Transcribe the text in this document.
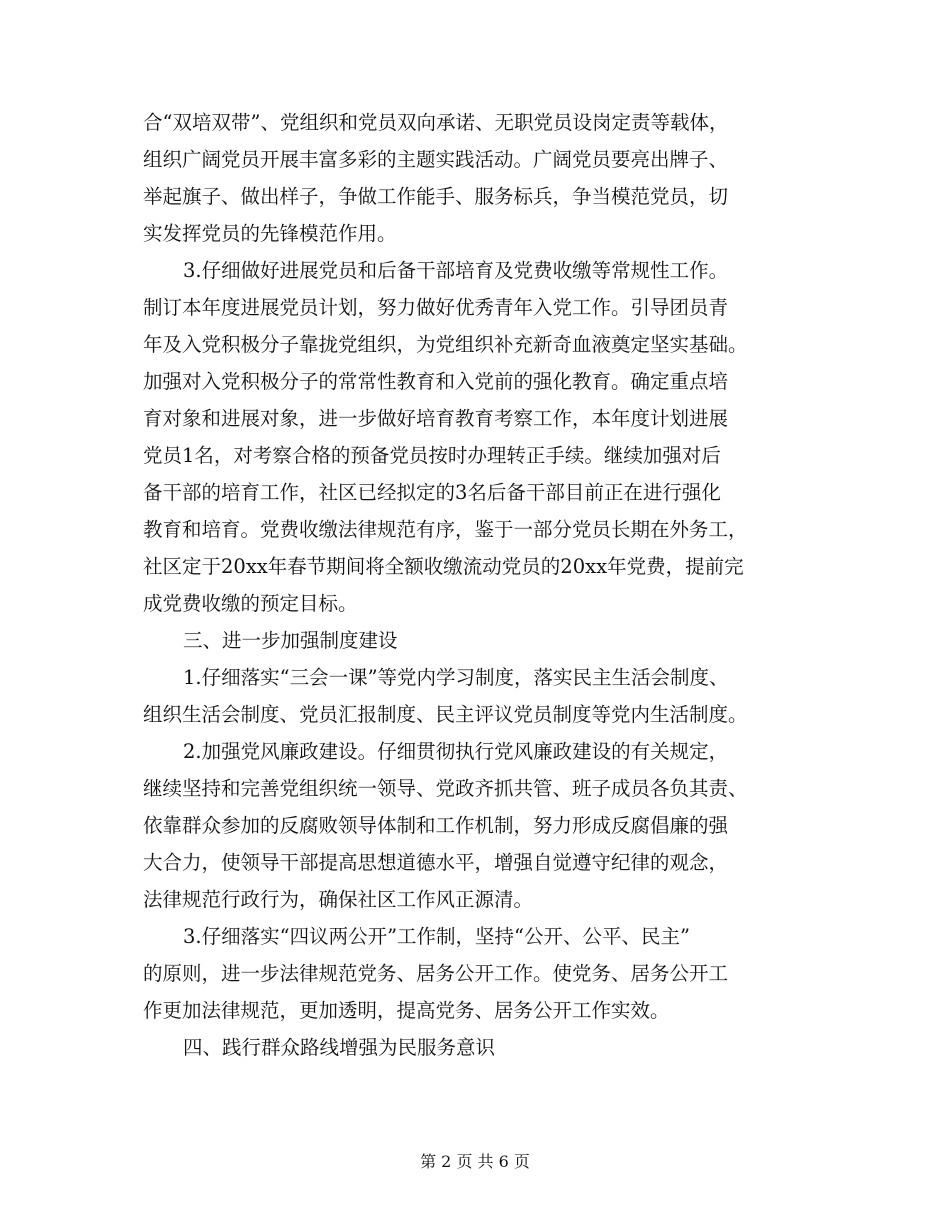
合“双培双带”、党组织和党员双向承诺、无职党员设岗定责等载体，
组织广阔党员开展丰富多彩的主题实践活动。广阔党员要亮出牌子、
举起旗子、做出样子，争做工作能手、服务标兵，争当模范党员，切
实发挥党员的先锋模范作用。
3.仔细做好进展党员和后备干部培育及党费收缴等常规性工作。
制订本年度进展党员计划，努力做好优秀青年入党工作。引导团员青
年及入党积极分子靠拢党组织，为党组织补充新奇血液奠定坚实基础。
加强对入党积极分子的常常性教育和入党前的强化教育。确定重点培
育对象和进展对象，进一步做好培育教育考察工作，本年度计划进展
党员1名，对考察合格的预备党员按时办理转正手续。继续加强对后
备干部的培育工作，社区已经拟定的3名后备干部目前正在进行强化
教育和培育。党费收缴法律规范有序，鉴于一部分党员长期在外务工，
社区定于20xx年春节期间将全额收缴流动党员的20xx年党费，提前完
成党费收缴的预定目标。
三、进一步加强制度建设
1.仔细落实“三会一课”等党内学习制度，落实民主生活会制度、
组织生活会制度、党员汇报制度、民主评议党员制度等党内生活制度。
2.加强党风廉政建设。仔细贯彻执行党风廉政建设的有关规定，
继续坚持和完善党组织统一领导、党政齐抓共管、班子成员各负其责、
依靠群众参加的反腐败领导体制和工作机制，努力形成反腐倡廉的强
大合力，使领导干部提高思想道德水平，增强自觉遵守纪律的观念，
法律规范行政行为，确保社区工作风正源清。
3.仔细落实“四议两公开”工作制，坚持“公开、公平、民主”
的原则，进一步法律规范党务、居务公开工作。使党务、居务公开工
作更加法律规范，更加透明，提高党务、居务公开工作实效。
四、践行群众路线增强为民服务意识
第 2 页 共 6 页
